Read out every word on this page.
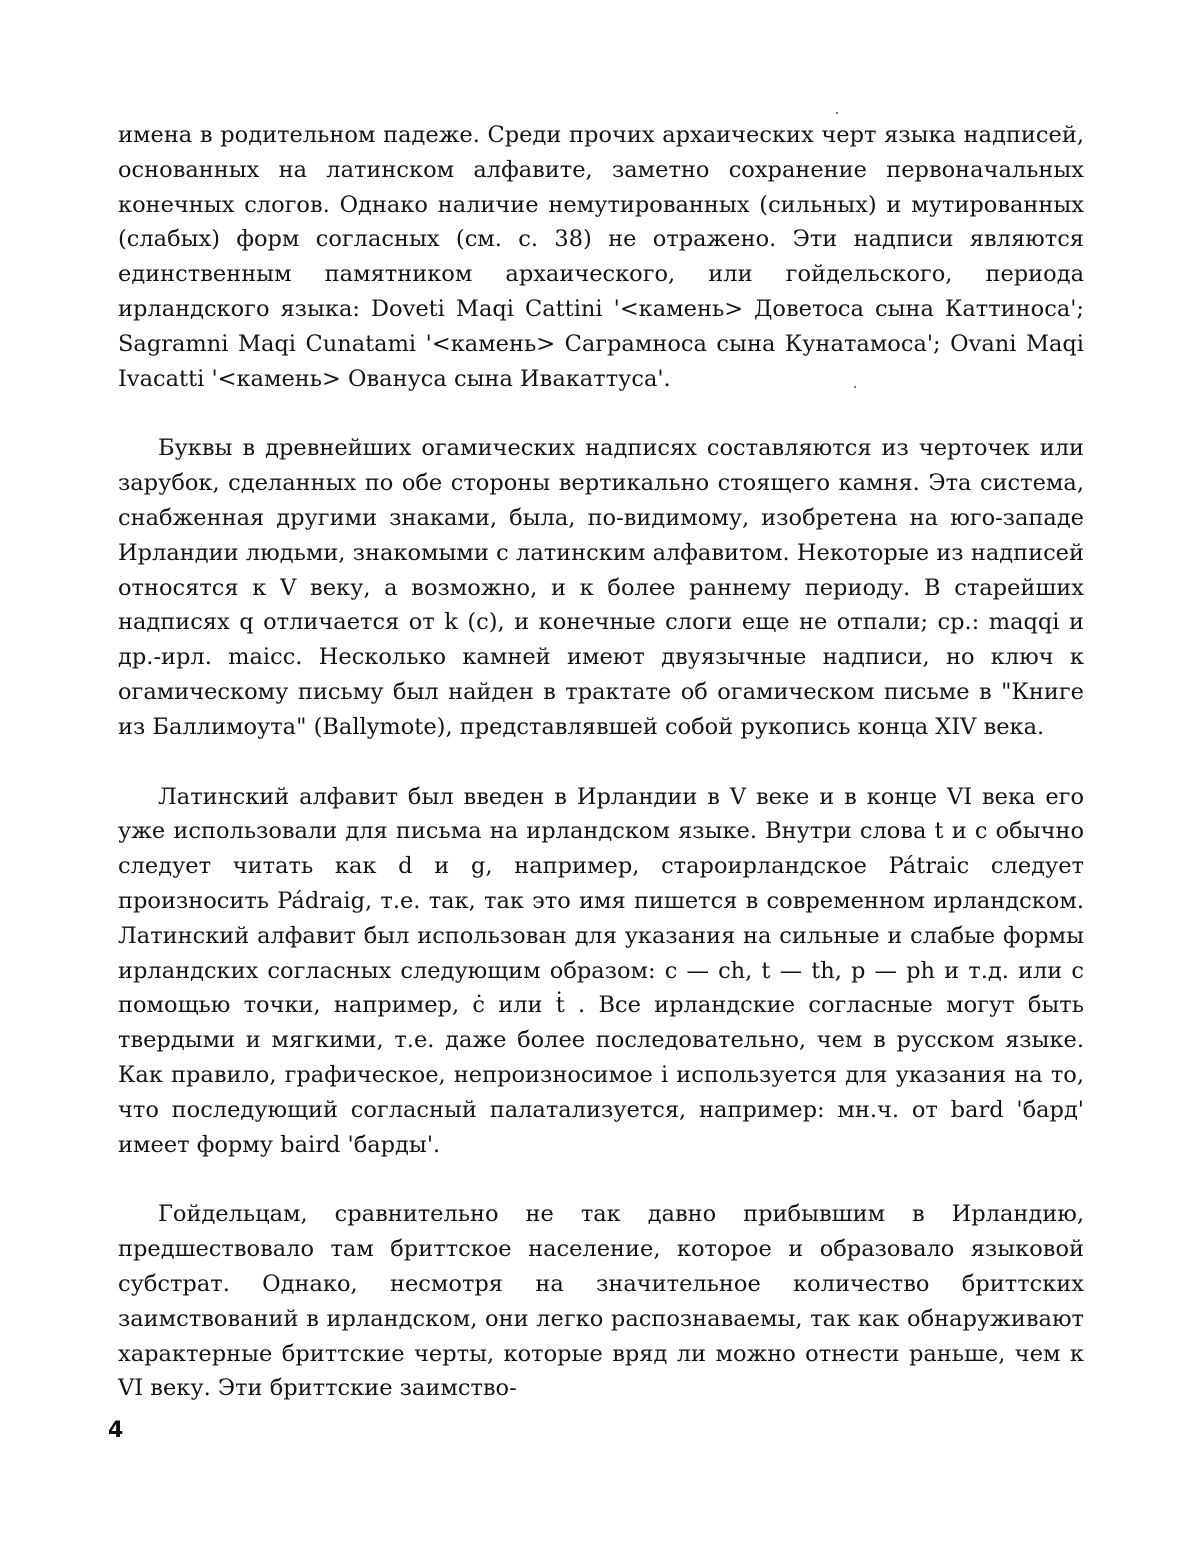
имена в родительном падеже. Среди прочих архаических черт языка надписей, основанных на латинском алфавите, заметно сохранение первоначальных конечных слогов. Однако наличие немутированных (сильных) и мутированных (слабых) форм согласных (см. с. 38) не отражено. Эти надписи являются единственным памятником архаического, или гойдельского, периода ирландского языка: Doveti Maqi Cattini '<камень> Доветоса сына Каттиноса'; Sagramni Maqi Cunatami '<камень> Саграмноса сына Кунатамоса'; Ovani Maqi Ivacatti '<камень> Овануса сына Ивакаттуса'.

Буквы в древнейших огамических надписях составляются из черточек или зарубок, сделанных по обе стороны вертикально стоящего камня. Эта система, снабженная другими знаками, была, по-видимому, изобретена на юго-западе Ирландии людьми, знакомыми с латинским алфавитом. Некоторые из надписей относятся к V веку, а возможно, и к более раннему периоду. В старейших надписях q отличается от k (c), и конечные слоги еще не отпали; ср.: maqqi и др.-ирл. maicc. Несколько камней имеют двуязычные надписи, но ключ к огамическому письму был найден в трактате об огамическом письме в "Книге из Баллимоута" (Ballymote), представлявшей собой рукопись конца XIV века.

Латинский алфавит был введен в Ирландии в V веке и в конце VI века его уже использовали для письма на ирландском языке. Внутри слова t и c обычно следует читать как d и g, например, староирландское Pátraic следует произносить Pádraig, т.е. так, так это имя пишется в современном ирландском. Латинский алфавит был использован для указания на сильные и слабые формы ирландских согласных следующим образом: c — ch, t — th, p — ph и т.д. или с помощью точки, например, ċ или ṫ . Все ирландские согласные могут быть твердыми и мягкими, т.е. даже более последовательно, чем в русском языке. Как правило, графическое, непроизносимое i используется для указания на то, что последующий согласный палатализуется, например: мн.ч. от bard 'бард' имеет форму baird 'барды'.

Гойдельцам, сравнительно не так давно прибывшим в Ирландию, предшествовало там бриттское население, которое и образовало языковой субстрат. Однако, несмотря на значительное количество бриттских заимствований в ирландском, они легко распознаваемы, так как обнаруживают характерные бриттские черты, которые вряд ли можно отнести раньше, чем к VI веку. Эти бриттские заимство-

4
